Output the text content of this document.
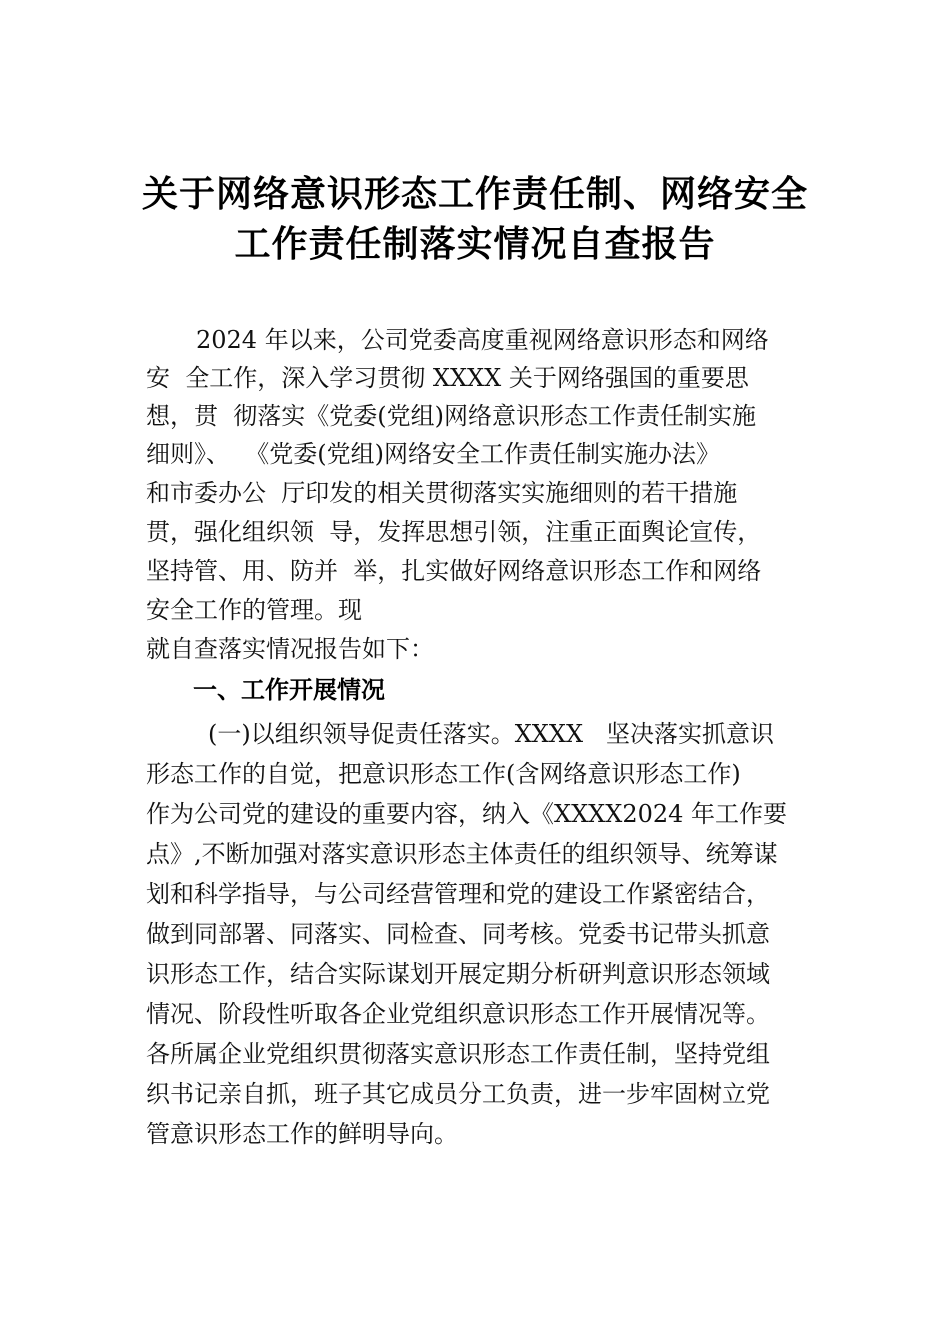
关于网络意识形态工作责任制、网络安全
工作责任制落实情况自查报告
2024 年以来，公司党委高度重视网络意识形态和网络
安  全工作，深入学习贯彻 XXXX 关于网络强国的重要思
想，贯  彻落实《党委(党组)网络意识形态工作责任制实施
细则》、  《党委(党组)网络安全工作责任制实施办法》
和市委办公  厅印发的相关贯彻落实实施细则的若干措施
贯，强化组织领  导，发挥思想引领，注重正面舆论宣传，
坚持管、用、防并  举，扎实做好网络意识形态工作和网络
安全工作的管理。现
就自查落实情况报告如下：
一、工作开展情况
(一)以组织领导促责任落实。XXXX   坚决落实抓意识
形态工作的自觉，把意识形态工作(含网络意识形态工作)
作为公司党的建设的重要内容，纳入《XXXX2024 年工作要
点》,不断加强对落实意识形态主体责任的组织领导、统筹谋
划和科学指导，与公司经营管理和党的建设工作紧密结合，
做到同部署、同落实、同检查、同考核。党委书记带头抓意
识形态工作，结合实际谋划开展定期分析研判意识形态领域
情况、阶段性听取各企业党组织意识形态工作开展情况等。
各所属企业党组织贯彻落实意识形态工作责任制，坚持党组
织书记亲自抓，班子其它成员分工负责，进一步牢固树立党
管意识形态工作的鲜明导向。
